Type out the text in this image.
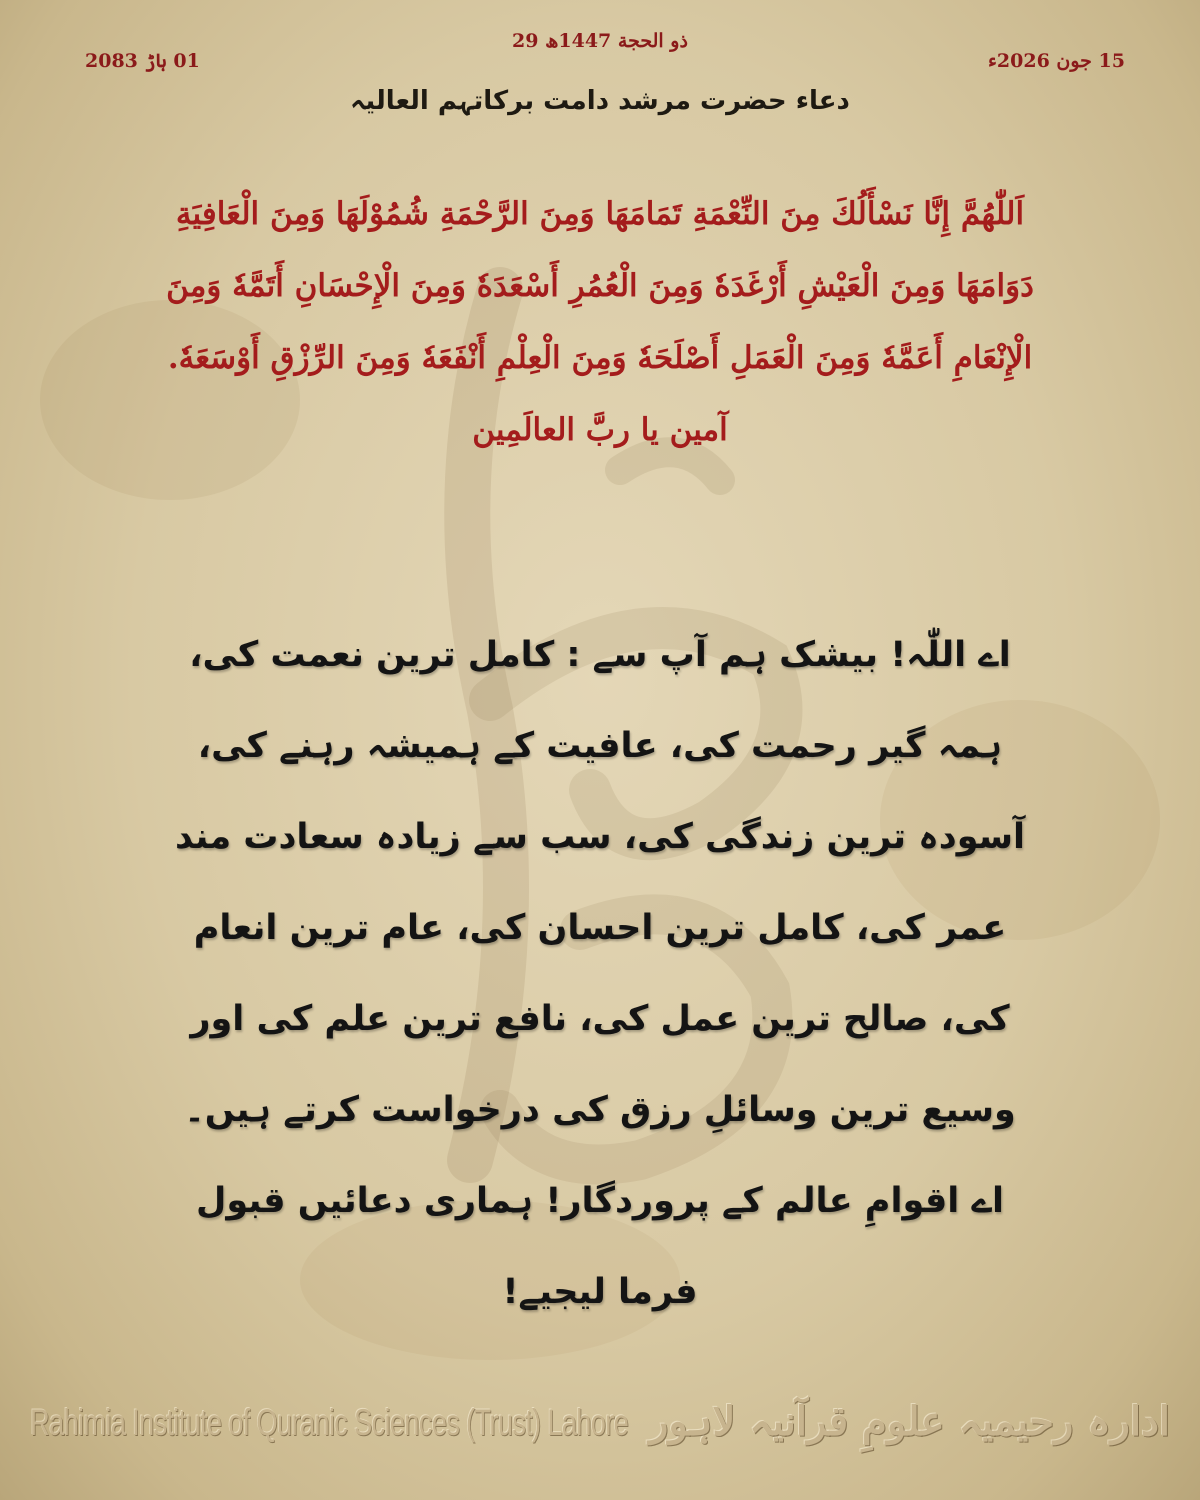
29 ذو الحجة 1447ھ
15 جون 2026ء
01 ہاڑ 2083
دعاء حضرت مرشد دامت برکاتہم العالیہ
اَللّٰهُمَّ إِنَّا نَسْأَلُكَ مِنَ النِّعْمَةِ تَمَامَهَا وَمِنَ الرَّحْمَةِ شُمُوْلَهَا وَمِنَ الْعَافِيَةِ دَوَامَهَا وَمِنَ الْعَيْشِ أَرْغَدَهٗ وَمِنَ الْعُمُرِ أَسْعَدَهٗ وَمِنَ الْإِحْسَانِ أَتَمَّهٗ وَمِنَ الْإِنْعَامِ أَعَمَّهٗ وَمِنَ الْعَمَلِ أَصْلَحَهٗ وَمِنَ الْعِلْمِ أَنْفَعَهٗ وَمِنَ الرِّزْقِ أَوْسَعَهٗ. آمین یا ربَّ العالَمِین
اے اللّٰہ! بیشک ہم آپ سے : کامل ترین نعمت کی، ہمہ گیر رحمت کی، عافیت کے ہمیشہ رہنے کی، آسودہ ترین زندگی کی، سب سے زیادہ سعادت مند عمر کی، کامل ترین احسان کی، عام ترین انعام کی، صالح ترین عمل کی، نافع ترین علم کی اور وسیع ترین وسائلِ رزق کی درخواست کرتے ہیں۔ اے اقوامِ عالم کے پروردگار! ہماری دعائیں قبول فرما لیجیے!
Rahimia Institute of Quranic Sciences (Trust) Lahore ادارہ رحیمیہ علومِ قرآنیہ لاہور
